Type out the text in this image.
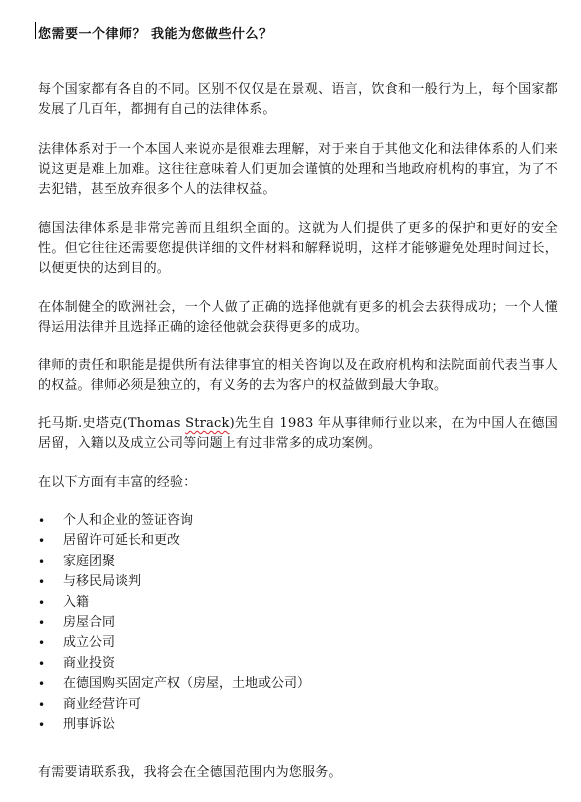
您需要一个律师？ 我能为您做些什么？

每个国家都有各自的不同。区别不仅仅是在景观、语言，饮食和一般行为上，每个国家都发展了几百年，都拥有自己的法律体系。

法律体系对于一个本国人来说亦是很难去理解，对于来自于其他文化和法律体系的人们来说这更是难上加难。这往往意味着人们更加会谨慎的处理和当地政府机构的事宜，为了不去犯错，甚至放弃很多个人的法律权益。

德国法律体系是非常完善而且组织全面的。这就为人们提供了更多的保护和更好的安全性。但它往往还需要您提供详细的文件材料和解释说明，这样才能够避免处理时间过长，以便更快的达到目的。

在体制健全的欧洲社会，一个人做了正确的选择他就有更多的机会去获得成功；一个人懂得运用法律并且选择正确的途径他就会获得更多的成功。

律师的责任和职能是提供所有法律事宜的相关咨询以及在政府机构和法院面前代表当事人的权益。律师必须是独立的，有义务的去为客户的权益做到最大争取。

托马斯.史塔克(Thomas Strack)先生自 1983 年从事律师行业以来，在为中国人在德国居留，入籍以及成立公司等问题上有过非常多的成功案例。

在以下方面有丰富的经验：

• 个人和企业的签证咨询
• 居留许可延长和更改
• 家庭团聚
• 与移民局谈判
• 入籍
• 房屋合同
• 成立公司
• 商业投资
• 在德国购买固定产权（房屋，土地或公司）
• 商业经营许可
• 刑事诉讼

有需要请联系我，我将会在全德国范围内为您服务。
